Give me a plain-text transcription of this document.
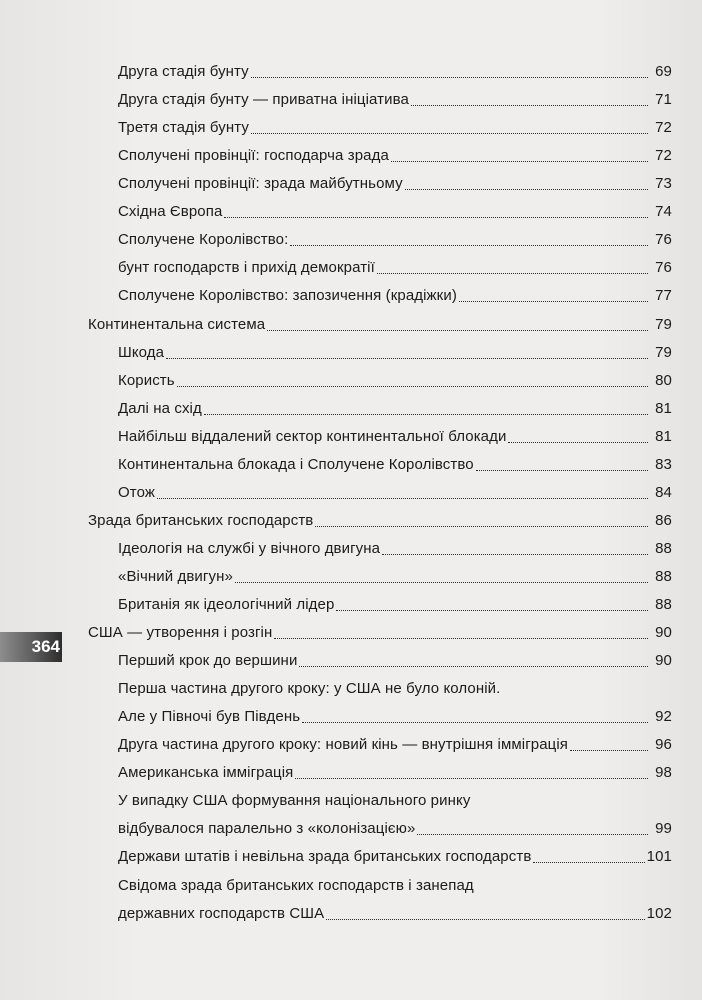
Друга стадія бунту	69
Друга стадія бунту — приватна ініціатива	71
Третя стадія бунту	72
Сполучені провінції: господарча зрада	72
Сполучені провінції: зрада майбутньому	73
Східна Європа	74
Сполучене Королівство:	76
бунт господарств і прихід демократії	76
Сполучене Королівство: запозичення (крадіжки)	77
Континентальна система	79
Шкода	79
Користь	80
Далі на схід	81
Найбільш віддалений сектор континентальної блокади	81
Континентальна блокада і Сполучене Королівство	83
Отож	84
Зрада британських господарств	86
Ідеологія на службі у вічного двигуна	88
«Вічний двигун»	88
Британія як ідеологічний лідер	88
США — утворення і розгін	90
Перший крок до вершини	90
Перша частина другого кроку: у США не було колоній.
Але у Півночі був Південь	92
Друга частина другого кроку: новий кінь — внутрішня імміграція	96
Американська імміграція	98
У випадку США формування національного ринку
відбувалося паралельно з «колонізацією»	99
Держави штатів і невільна зрада британських господарств	101
Свідома зрада британських господарств і занепад
державних господарств США	102
364
